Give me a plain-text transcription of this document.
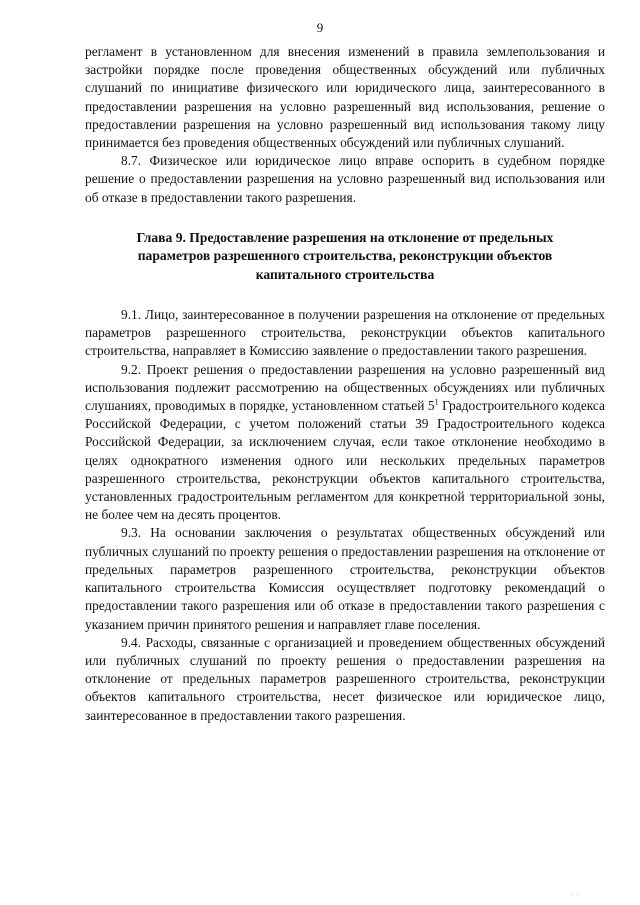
9

регламент в установленном для внесения изменений в правила землепользования и застройки порядке после проведения общественных обсуждений или публичных слушаний по инициативе физического или юридического лица, заинтересованного в предоставлении разрешения на условно разрешенный вид использования, решение о предоставлении разрешения на условно разрешенный вид использования такому лицу принимается без проведения общественных обсуждений или публичных слушаний.

8.7. Физическое или юридическое лицо вправе оспорить в судебном порядке решение о предоставлении разрешения на условно разрешенный вид использования или об отказе в предоставлении такого разрешения.

Глава 9. Предоставление разрешения на отклонение от предельных
параметров разрешенного строительства, реконструкции объектов
капитального строительства

9.1. Лицо, заинтересованное в получении разрешения на отклонение от предельных параметров разрешенного строительства, реконструкции объектов капитального строительства, направляет в Комиссию заявление о предоставлении такого разрешения.

9.2. Проект решения о предоставлении разрешения на условно разрешенный вид использования подлежит рассмотрению на общественных обсуждениях или публичных слушаниях, проводимых в порядке, установленном статьей $5^1$ Градостроительного кодекса Российской Федерации, с учетом положений статьи 39 Градостроительного кодекса Российской Федерации, за исключением случая, если такое отклонение необходимо в целях однократного изменения одного или нескольких предельных параметров разрешенного строительства, реконструкции объектов капитального строительства, установленных градостроительным регламентом для конкретной территориальной зоны, не более чем на десять процентов.

9.3. На основании заключения о результатах общественных обсуждений или публичных слушаний по проекту решения о предоставлении разрешения на отклонение от предельных параметров разрешенного строительства, реконструкции объектов капитального строительства Комиссия осуществляет подготовку рекомендаций о предоставлении такого разрешения или об отказе в предоставлении такого разрешения с указанием причин принятого решения и направляет главе поселения.

9.4. Расходы, связанные с организацией и проведением общественных обсуждений или публичных слушаний по проекту решения о предоставлении разрешения на отклонение от предельных параметров разрешенного строительства, реконструкции объектов капитального строительства, несет физическое или юридическое лицо, заинтересованное в предоставлении такого разрешения.

· ·
